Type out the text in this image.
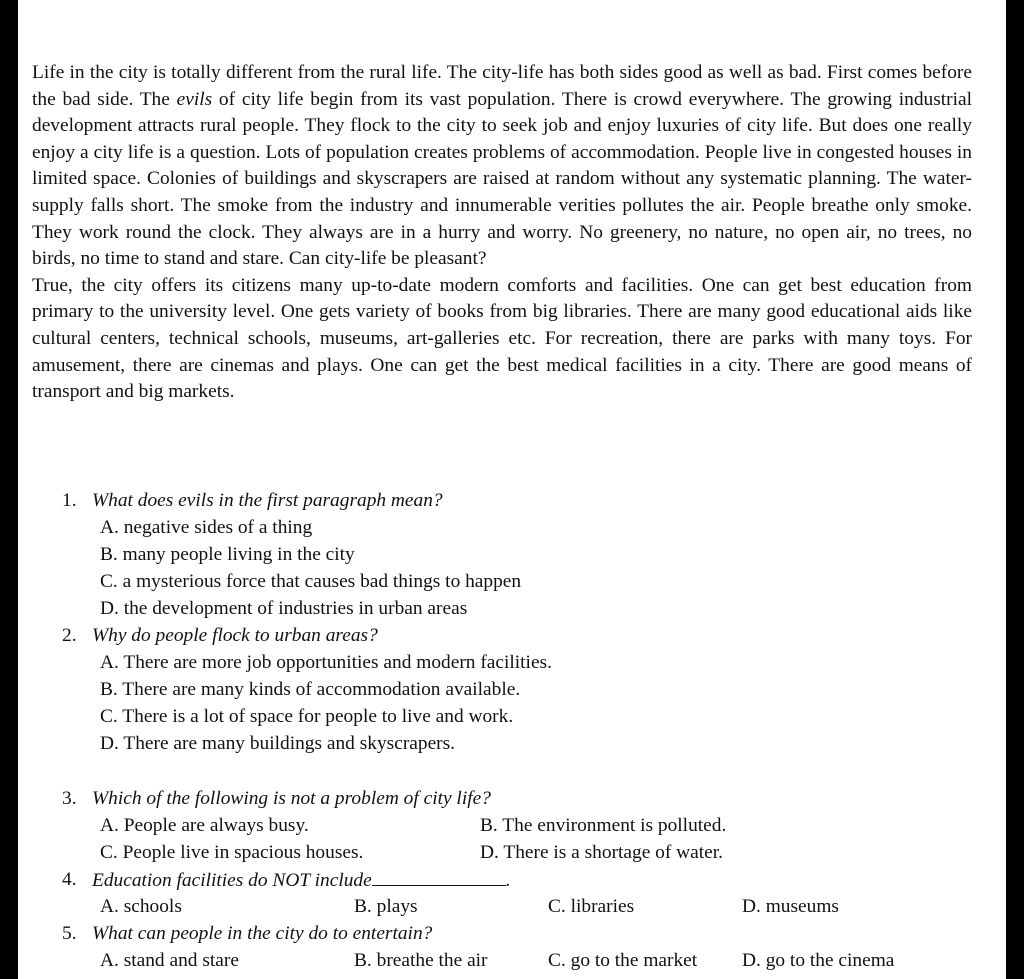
Life in the city is totally different from the rural life. The city-life has both sides good as well as bad. First comes before the bad side. The evils of city life begin from its vast population. There is crowd everywhere. The growing industrial development attracts rural people. They flock to the city to seek job and enjoy luxuries of city life. But does one really enjoy a city life is a question. Lots of population creates problems of accommodation. People live in congested houses in limited space. Colonies of buildings and skyscrapers are raised at random without any systematic planning. The water-supply falls short. The smoke from the industry and innumerable verities pollutes the air. People breathe only smoke. They work round the clock. They always are in a hurry and worry. No greenery, no nature, no open air, no trees, no birds, no time to stand and stare. Can city-life be pleasant?

True, the city offers its citizens many up-to-date modern comforts and facilities. One can get best education from primary to the university level. One gets variety of books from big libraries. There are many good educational aids like cultural centers, technical schools, museums, art-galleries etc. For recreation, there are parks with many toys. For amusement, there are cinemas and plays. One can get the best medical facilities in a city. There are good means of transport and big markets.

1. What does evils in the first paragraph mean?
A. negative sides of a thing
B. many people living in the city
C. a mysterious force that causes bad things to happen
D. the development of industries in urban areas
2. Why do people flock to urban areas?
A. There are more job opportunities and modern facilities.
B. There are many kinds of accommodation available.
C. There is a lot of space for people to live and work.
D. There are many buildings and skyscrapers.
3. Which of the following is not a problem of city life?
A. People are always busy.	B. The environment is polluted.
C. People live in spacious houses.	D. There is a shortage of water.
4. Education facilities do NOT include	.
A. schools	B. plays	C. libraries	D. museums
5. What can people in the city do to entertain?
A. stand and stare	B. breathe the air	C. go to the market D. go to the cinema
